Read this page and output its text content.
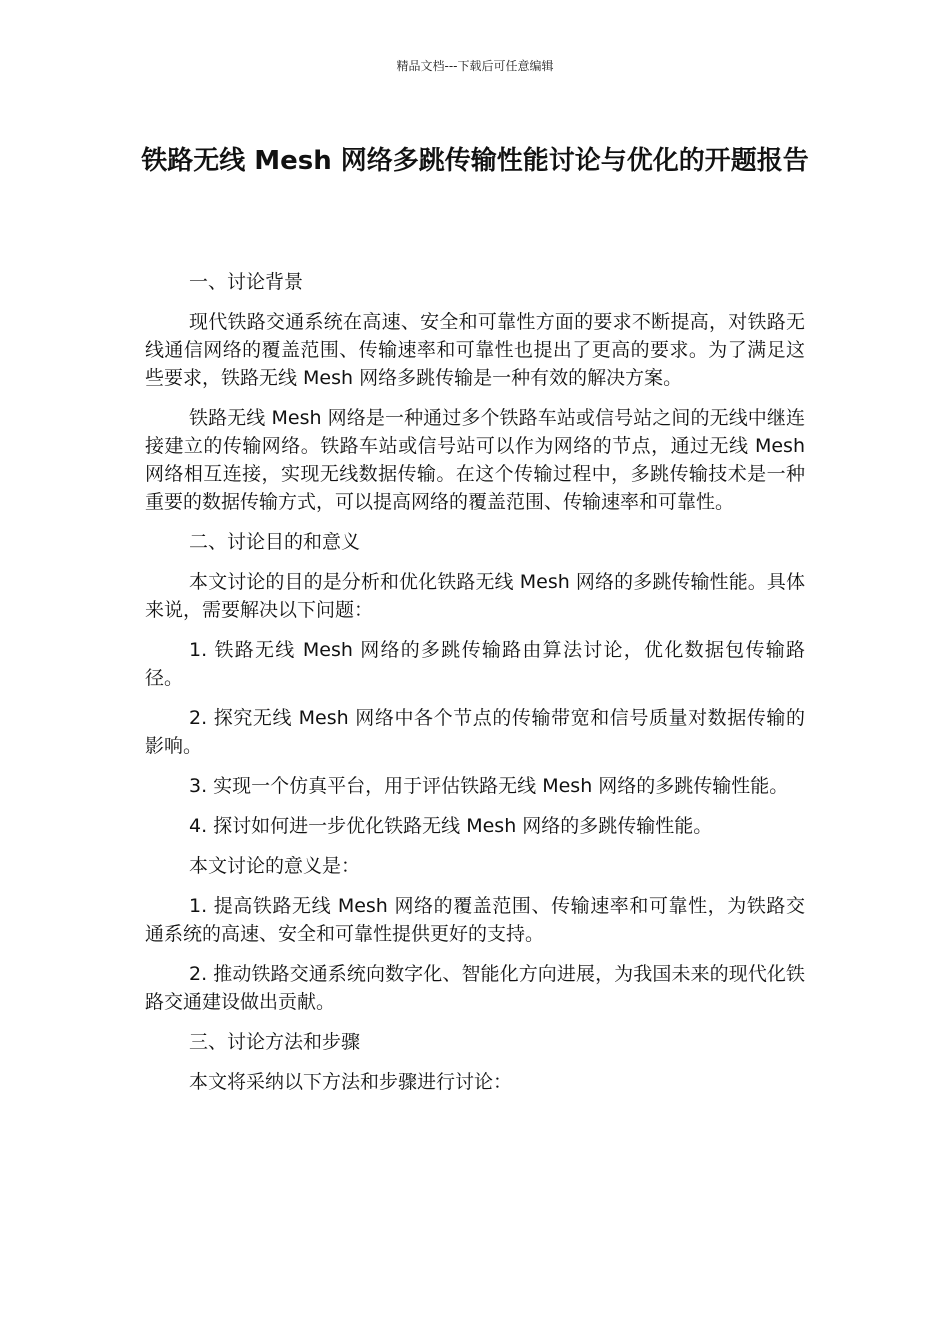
精品文档---下载后可任意编辑
铁路无线 Mesh 网络多跳传输性能讨论与优化的开题报告

一、讨论背景

现代铁路交通系统在高速、安全和可靠性方面的要求不断提高，对铁路无线通信网络的覆盖范围、传输速率和可靠性也提出了更高的要求。为了满足这些要求，铁路无线 Mesh 网络多跳传输是一种有效的解决方案。

铁路无线 Mesh 网络是一种通过多个铁路车站或信号站之间的无线中继连接建立的传输网络。铁路车站或信号站可以作为网络的节点，通过无线 Mesh 网络相互连接，实现无线数据传输。在这个传输过程中，多跳传输技术是一种重要的数据传输方式，可以提高网络的覆盖范围、传输速率和可靠性。

二、讨论目的和意义

本文讨论的目的是分析和优化铁路无线 Mesh 网络的多跳传输性能。具体来说，需要解决以下问题：

1. 铁路无线 Mesh 网络的多跳传输路由算法讨论，优化数据包传输路径。

2. 探究无线 Mesh 网络中各个节点的传输带宽和信号质量对数据传输的影响。

3. 实现一个仿真平台，用于评估铁路无线 Mesh 网络的多跳传输性能。

4. 探讨如何进一步优化铁路无线 Mesh 网络的多跳传输性能。

本文讨论的意义是：

1. 提高铁路无线 Mesh 网络的覆盖范围、传输速率和可靠性，为铁路交通系统的高速、安全和可靠性提供更好的支持。

2. 推动铁路交通系统向数字化、智能化方向进展，为我国未来的现代化铁路交通建设做出贡献。

三、讨论方法和步骤

本文将采纳以下方法和步骤进行讨论：
